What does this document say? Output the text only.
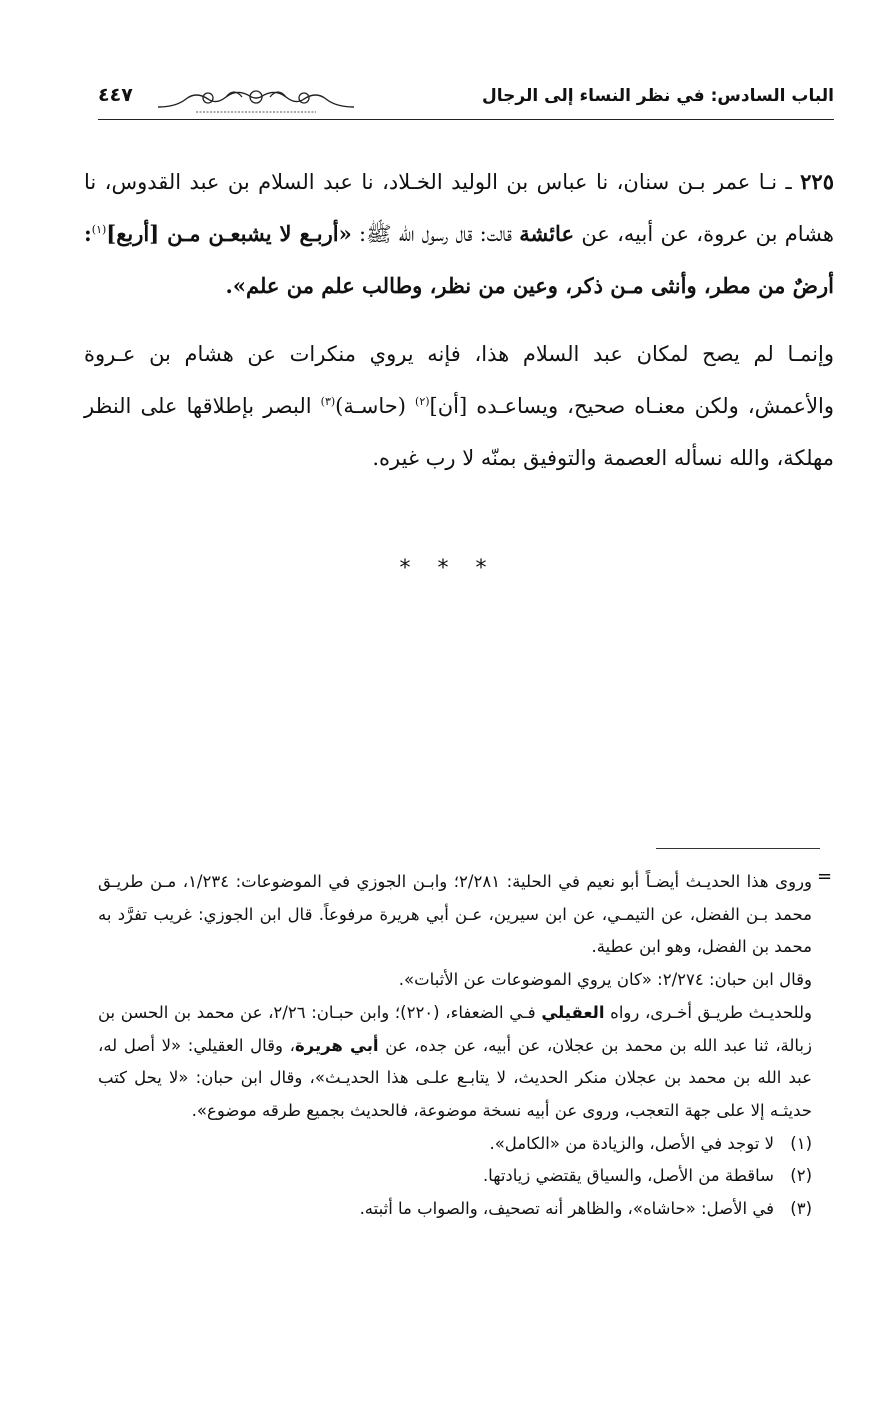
الباب السادس: في نظر النساء إلى الرجال
٤٤٧

٢٢٥ ـ نـا عمر بـن سنان، نا عباس بن الوليد الخـلاد، نا عبد السلام بن عبد القدوس، نا هشام بن عروة، عن أبيه، عن عائشة قالت: قال رسول الله ﷺ: «أربـع لا يشبعـن مـن [أربع]$^{(١)}$: أرضٌ من مطر، وأنثى مـن ذكر، وعين من نظر، وطالب علم من علم».

وإنمـا لم يصح لمكان عبد السلام هذا، فإنه يروي منكرات عن هشام بن عـروة والأعمش، ولكن معنـاه صحيح، ويساعـده [أن]$^{(٢)}$ (حاسـة)$^{(٣)}$ البصر بإطلاقها على النظر مهلكة، والله نسأله العصمة والتوفيق بمنّه لا رب غيره.

* * *
=

وروى هذا الحديـث أيضـاً أبو نعيم في الحلية: ٢/٢٨١؛ وابـن الجوزي في الموضوعات: ١/٢٣٤، مـن طريـق محمد بـن الفضل، عن التيمـي، عن ابن سيرين، عـن أبي هريرة مرفوعاً. قال ابن الجوزي: غريب تفرَّد به محمد بن الفضل، وهو ابن عطية.

وقال ابن حبان: ٢/٢٧٤: «كان يروي الموضوعات عن الأثبات».

وللحديـث طريـق أخـرى، رواه العقيلي فـي الضعفاء، (٢٢٠)؛ وابن حبـان: ٢/٢٦، عن محمد بن الحسن بن زبالة، ثنا عبد الله بن محمد بن عجلان، عن أبيه، عن جده، عن أبي هريرة، وقال العقيلي: «لا أصل له، عبد الله بن محمد بن عجلان منكر الحديث، لا يتابـع علـى هذا الحديـث»، وقال ابن حبان: «لا يحل كتب حديثـه إلا على جهة التعجب، وروى عن أبيه نسخة موضوعة، فالحديث بجميع طرقه موضوع».

(١)لا توجد في الأصل، والزيادة من «الكامل».

(٢)ساقطة من الأصل، والسياق يقتضي زيادتها.

(٣)في الأصل: «حاشاه»، والظاهر أنه تصحيف، والصواب ما أثبته.
